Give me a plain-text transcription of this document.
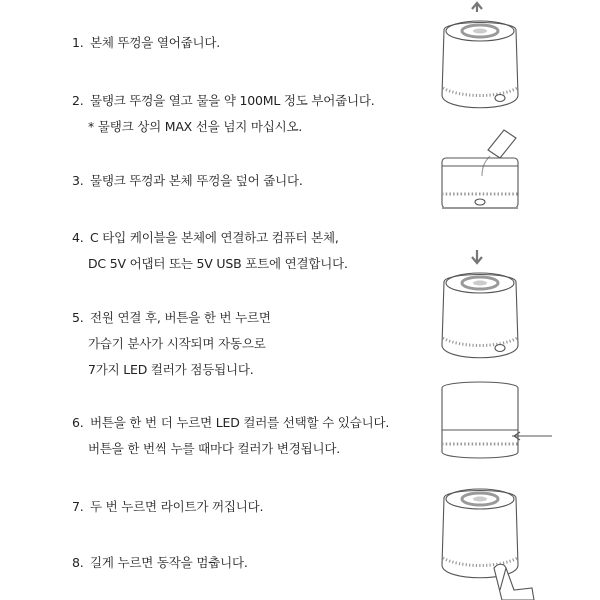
1. 본체 뚜껑을 열어줍니다.
2. 물탱크 뚜껑을 열고 물을 약 100ML 정도 부어줍니다.
* 물탱크 상의 MAX 선을 넘지 마십시오.
3. 물탱크 뚜껑과 본체 뚜껑을 덮어 줍니다.
4. C 타입 케이블을 본체에 연결하고 컴퓨터 본체,
DC 5V 어댑터 또는 5V USB 포트에 연결합니다.
5. 전원 연결 후, 버튼을 한 번 누르면
가습기 분사가 시작되며 자동으로
7가지 LED 컬러가 점등됩니다.
6. 버튼을 한 번 더 누르면 LED 컬러를 선택할 수 있습니다.
버튼을 한 번씩 누를 때마다 컬러가 변경됩니다.
7. 두 번 누르면 라이트가 꺼집니다.
8. 길게 누르면 동작을 멈춥니다.
